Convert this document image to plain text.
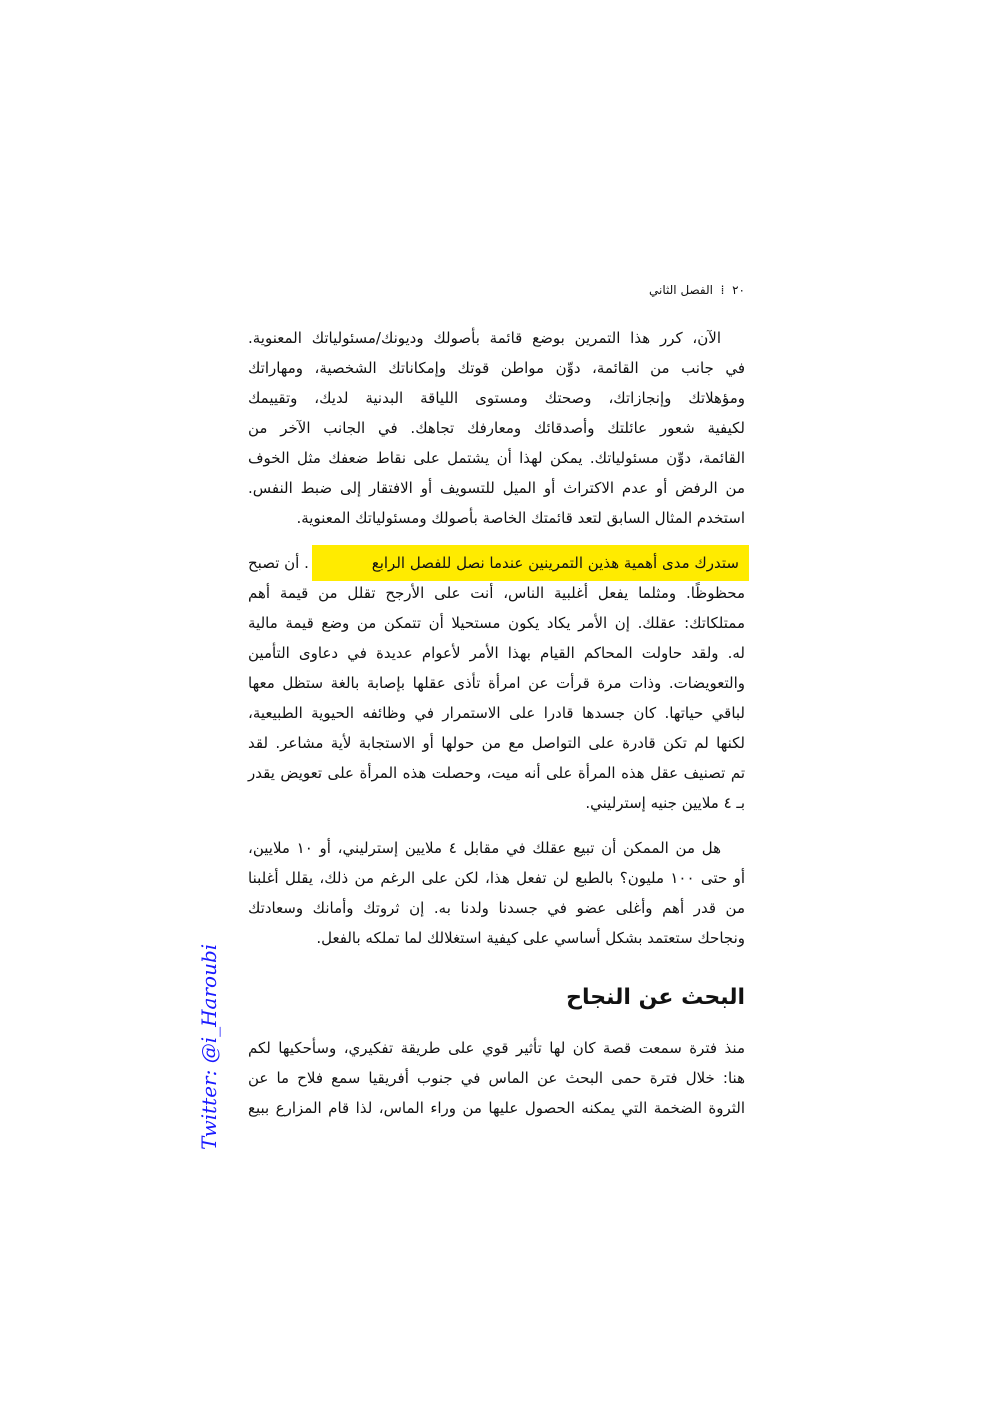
٢٠  ⁞  الفصل الثاني
الآن، كرر هذا التمرين بوضع قائمة بأصولك وديونك/مسئولياتك المعنوية.
في جانب من القائمة، دوِّن مواطن قوتك وإمكاناتك الشخصية، ومهاراتك
ومؤهلاتك وإنجازاتك، وصحتك ومستوى اللياقة البدنية لديك، وتقييمك
لكيفية شعور عائلتك وأصدقائك ومعارفك تجاهك. في الجانب الآخر من
القائمة، دوِّن مسئولياتك. يمكن لهذا أن يشتمل على نقاط ضعفك مثل الخوف
من الرفض أو عدم الاكتراث أو الميل للتسويف أو الافتقار إلى ضبط النفس.
استخدم المثال السابق لتعد قائمتك الخاصة بأصولك ومسئولياتك المعنوية.
ستدرك مدى أهمية هذين التمرينين عندما نصل للفصل الرابع
. أن تصبح
محظوظًا. ومثلما يفعل أغلبية الناس، أنت على الأرجح تقلل من قيمة أهم
ممتلكاتك: عقلك. إن الأمر يكاد يكون مستحيلا أن تتمكن من وضع قيمة مالية
له. ولقد حاولت المحاكم القيام بهذا الأمر لأعوام عديدة في دعاوى التأمين
والتعويضات. وذات مرة قرأت عن امرأة تأذى عقلها بإصابة بالغة ستظل معها
لباقي حياتها. كان جسدها قادرا على الاستمرار في وظائفه الحيوية الطبيعية،
لكنها لم تكن قادرة على التواصل مع من حولها أو الاستجابة لأية مشاعر. لقد
تم تصنيف عقل هذه المرأة على أنه ميت، وحصلت هذه المرأة على تعويض يقدر
بـ ٤ ملايين جنيه إسترليني.
هل من الممكن أن تبيع عقلك في مقابل ٤ ملايين إسترليني، أو ١٠ ملايين،
أو حتى ١٠٠ مليون؟ بالطبع لن تفعل هذا، لكن على الرغم من ذلك، يقلل أغلبنا
من قدر أهم وأغلى عضو في جسدنا ولدنا به. إن ثروتك وأمانك وسعادتك
ونجاحك ستعتمد بشكل أساسي على كيفية استغلالك لما تملكه بالفعل.
البحث عن النجاح
منذ فترة سمعت قصة كان لها تأثير قوي على طريقة تفكيري، وسأحكيها لكم
هنا: خلال فترة حمى البحث عن الماس في جنوب أفريقيا سمع فلاح ما عن
الثروة الضخمة التي يمكنه الحصول عليها من وراء الماس، لذا قام المزارع ببيع
Twitter: @i_Haroubi
